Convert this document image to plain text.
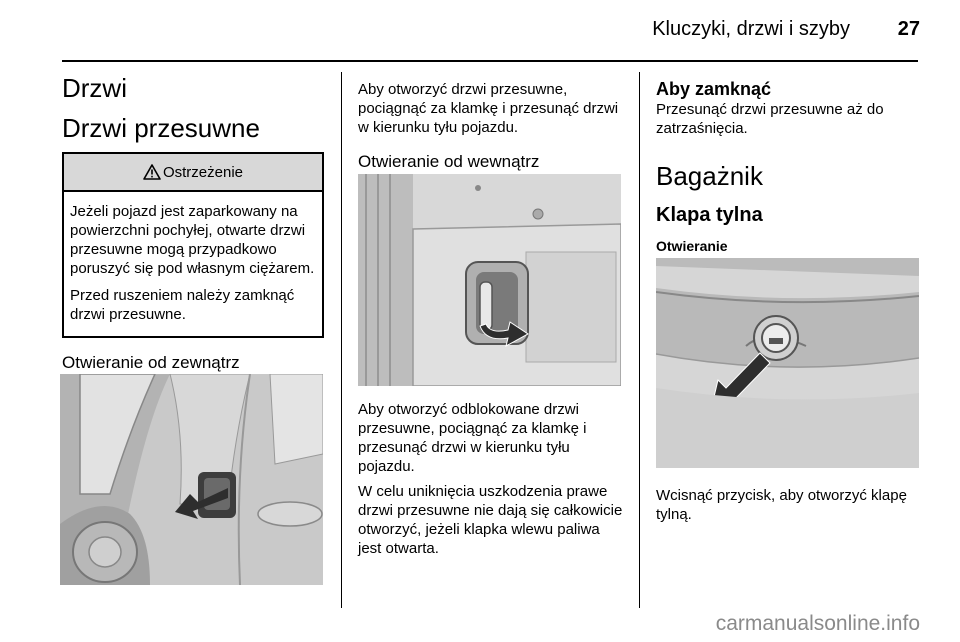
Kluczyki, drzwi i szyby	27
Drzwi
Drzwi przesuwne
Ostrzeżenie

Jeżeli pojazd jest zaparkowany na powierzchni pochyłej, otwarte drzwi przesuwne mogą przypadkowo poruszyć się pod własnym ciężarem.

Przed ruszeniem należy zamknąć drzwi przesuwne.

Otwieranie od zewnątrz

Aby otworzyć drzwi przesuwne, pociągnąć za klamkę i przesunąć drzwi w kierunku tyłu pojazdu.

Otwieranie od wewnątrz

Aby otworzyć odblokowane drzwi przesuwne, pociągnąć za klamkę i przesunąć drzwi w kierunku tyłu pojazdu.

W celu uniknięcia uszkodzenia prawe drzwi przesuwne nie dają się całkowicie otworzyć, jeżeli klapka wlewu paliwa jest otwarta.

Aby zamknąć

Przesunąć drzwi przesuwne aż do zatrzaśnięcia.

Bagażnik
Klapa tylna
Otwieranie

Wcisnąć przycisk, aby otworzyć klapę tylną.

carmanualsonline.info
